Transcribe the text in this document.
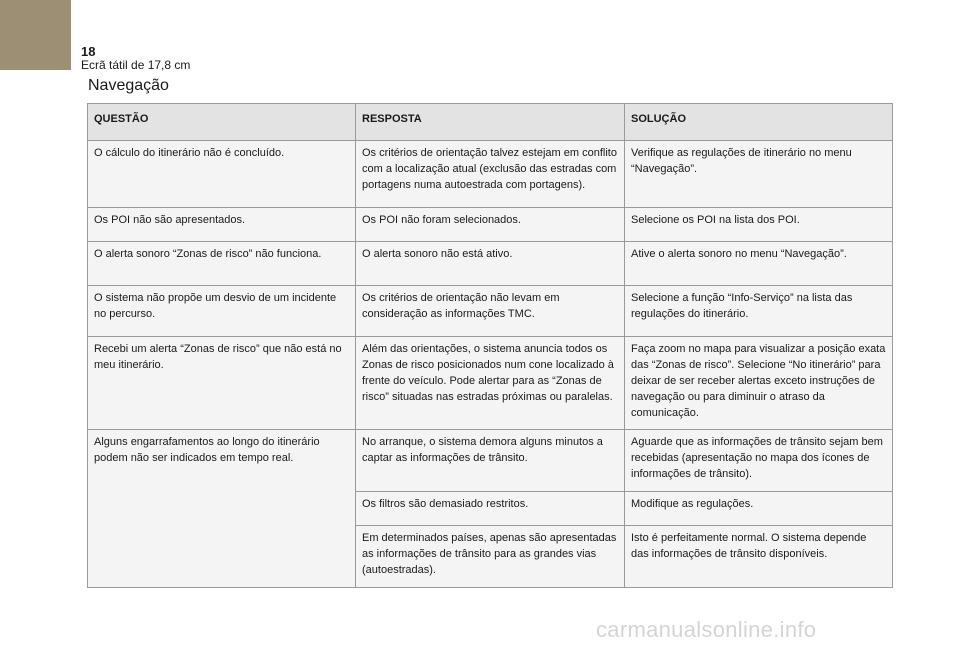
18
Ecrã tátil de 17,8 cm
Navegação
QUESTÃO	RESPOSTA	SOLUÇÃO
O cálculo do itinerário não é concluído.	Os critérios de orientação talvez estejam em conflito com a localização atual (exclusão das estradas com portagens numa autoestrada com portagens).	Verifique as regulações de itinerário no menu “Navegação”.
Os POI não são apresentados.	Os POI não foram selecionados.	Selecione os POI na lista dos POI.
O alerta sonoro “Zonas de risco” não funciona.	O alerta sonoro não está ativo.	Ative o alerta sonoro no menu “Navegação”.
O sistema não propõe um desvio de um incidente no percurso.	Os critérios de orientação não levam em consideração as informações TMC.	Selecione a função “Info-Serviço” na lista das regulações do itinerário.
Recebi um alerta “Zonas de risco” que não está no meu itinerário.	Além das orientações, o sistema anuncia todos os Zonas de risco posicionados num cone localizado à frente do veículo. Pode alertar para as “Zonas de risco” situadas nas estradas próximas ou paralelas.	Faça zoom no mapa para visualizar a posição exata das “Zonas de risco”. Selecione “No itinerário” para deixar de ser receber alertas exceto instruções de navegação ou para diminuir o atraso da comunicação.
Alguns engarrafamentos ao longo do itinerário podem não ser indicados em tempo real.	No arranque, o sistema demora alguns minutos a captar as informações de trânsito.	Aguarde que as informações de trânsito sejam bem recebidas (apresentação no mapa dos ícones de informações de trânsito).
	Os filtros são demasiado restritos.	Modifique as regulações.
	Em determinados países, apenas são apresentadas as informações de trânsito para as grandes vias (autoestradas).	Isto é perfeitamente normal. O sistema depende das informações de trânsito disponíveis.
carmanualsonline.info
